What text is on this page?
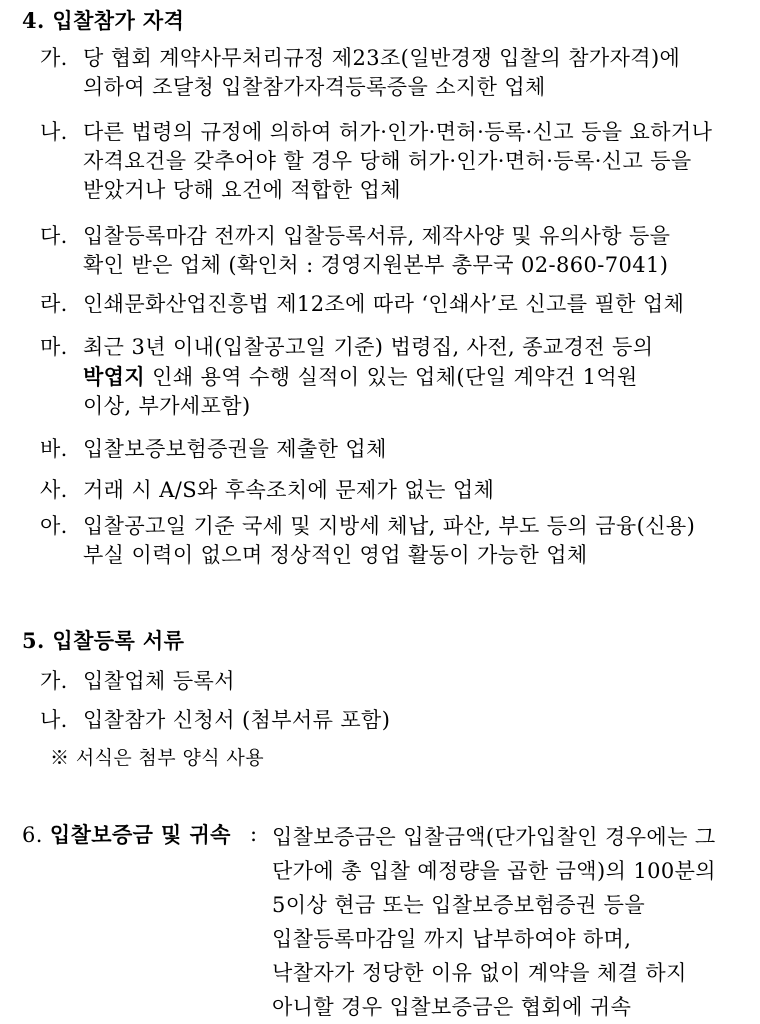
4. 입찰참가 자격
가. 당 협회 계약사무처리규정 제23조(일반경쟁 입찰의 참가자격)에
의하여 조달청 입찰참가자격등록증을 소지한 업체
나. 다른 법령의 규정에 의하여 허가·인가·면허·등록·신고 등을 요하거나
자격요건을 갖추어야 할 경우 당해 허가·인가·면허·등록·신고 등을
받았거나 당해 요건에 적합한 업체
다. 입찰등록마감 전까지 입찰등록서류, 제작사양 및 유의사항 등을
확인 받은 업체 (확인처 : 경영지원본부 총무국 02-860-7041)
라. 인쇄문화산업진흥법 제12조에 따라 ‘인쇄사’로 신고를 필한 업체
마. 최근 3년 이내(입찰공고일 기준) 법령집, 사전, 종교경전 등의
박엽지 인쇄 용역 수행 실적이 있는 업체(단일 계약건 1억원
이상, 부가세포함)
바. 입찰보증보험증권을 제출한 업체
사. 거래 시 A/S와 후속조치에 문제가 없는 업체
아. 입찰공고일 기준 국세 및 지방세 체납, 파산, 부도 등의 금융(신용)
부실 이력이 없으며 정상적인 영업 활동이 가능한 업체
5. 입찰등록 서류
가. 입찰업체 등록서
나. 입찰참가 신청서 (첨부서류 포함)
※ 서식은 첨부 양식 사용
6. 입찰보증금 및 귀속 : 입찰보증금은 입찰금액(단가입찰인 경우에는 그
단가에 총 입찰 예정량을 곱한 금액)의 100분의
5이상 현금 또는 입찰보증보험증권 등을
입찰등록마감일 까지 납부하여야 하며,
낙찰자가 정당한 이유 없이 계약을 체결 하지
아니할 경우 입찰보증금은 협회에 귀속
